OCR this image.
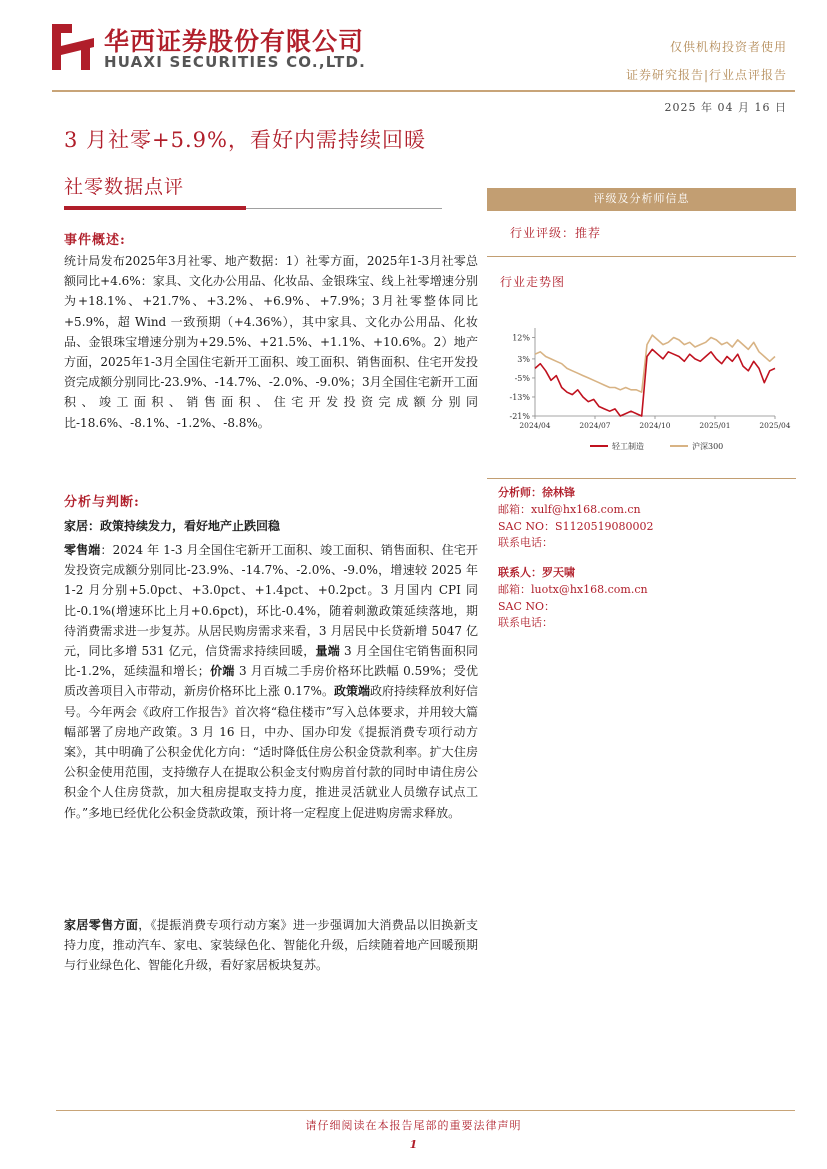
华西证券股份有限公司
HUAXI SECURITIES CO.,LTD.
仅供机构投资者使用
证券研究报告|行业点评报告
2025 年 04 月 16 日
3 月社零+5.9%，看好内需持续回暖
社零数据点评
事件概述:

统计局发布2025年3月社零、地产数据：1）社零方面，2025年1-3月社零总额同比+4.6%：家具、文化办公用品、化妆品、金银珠宝、线上社零增速分别为+18.1%、+21.7%、+3.2%、+6.9%、+7.9%；3月社零整体同比+5.9%，超 Wind 一致预期（+4.36%），其中家具、文化办公用品、化妆品、金银珠宝增速分别为+29.5%、+21.5%、+1.1%、+10.6%。2）地产方面，2025年1-3月全国住宅新开工面积、竣工面积、销售面积、住宅开发投资完成额分别同比-23.9%、-14.7%、-2.0%、-9.0%；3月全国住宅新开工面积、竣工面积、销售面积、住宅开发投资完成额分别同比-18.6%、-8.1%、-1.2%、-8.8%。

分析与判断:
家居：政策持续发力，看好地产止跌回稳

零售端：2024 年 1-3 月全国住宅新开工面积、竣工面积、销售面积、住宅开发投资完成额分别同比-23.9%、-14.7%、-2.0%、-9.0%，增速较 2025 年 1-2 月分别+5.0pct、+3.0pct、+1.4pct、+0.2pct。3 月国内 CPI 同比-0.1%(增速环比上月+0.6pct)，环比-0.4%，随着刺激政策延续落地，期待消费需求进一步复苏。从居民购房需求来看，3 月居民中长贷新增 5047 亿元，同比多增 531 亿元，信贷需求持续回暖，量端 3 月全国住宅销售面积同比-1.2%，延续温和增长；价端 3 月百城二手房价格环比跌幅 0.59%；受优质改善项目入市带动，新房价格环比上涨 0.17%。政策端政府持续释放利好信号。今年两会《政府工作报告》首次将“稳住楼市”写入总体要求，并用较大篇幅部署了房地产政策。3 月 16 日，中办、国办印发《提振消费专项行动方案》，其中明确了公积金优化方向：“适时降低住房公积金贷款利率。扩大住房公积金使用范围，支持缴存人在提取公积金支付购房首付款的同时申请住房公积金个人住房贷款，加大租房提取支持力度，推进灵活就业人员缴存试点工作。”多地已经优化公积金贷款政策，预计将一定程度上促进购房需求释放。

家居零售方面，《提振消费专项行动方案》进一步强调加大消费品以旧换新支持力度，推动汽车、家电、家装绿色化、智能化升级，后续随着地产回暖预期与行业绿色化、智能化升级，看好家居板块复苏。

评级及分析师信息
行业评级：推荐
行业走势图
12%
3%
-5%
-13%
-21%
2024/04	2024/07	2024/10	2025/01	2025/04
轻工制造	沪深300
分析师：徐林锋
邮箱：xulf@hx168.com.cn
SAC NO：S1120519080002
联系电话：
联系人：罗天啸
邮箱：luotx@hx168.com.cn
SAC NO：
联系电话：
请仔细阅读在本报告尾部的重要法律声明
1
